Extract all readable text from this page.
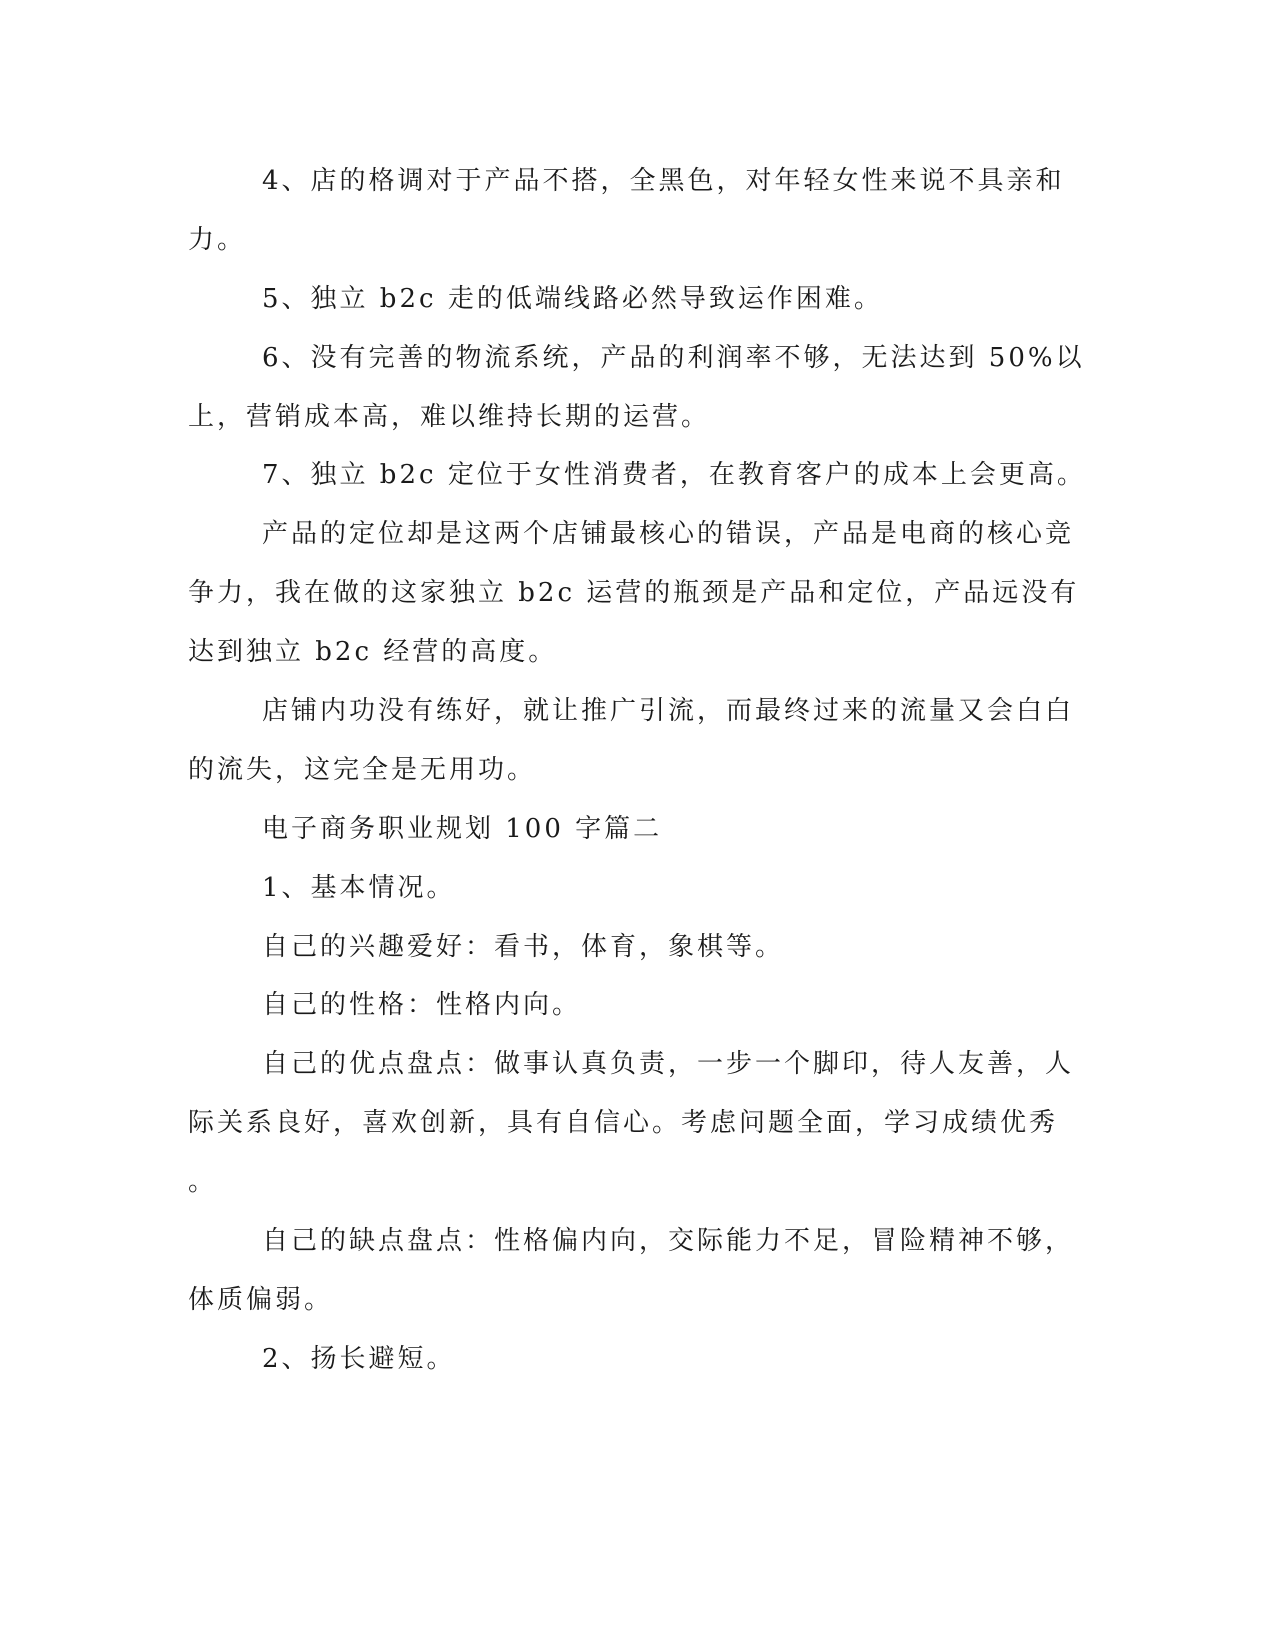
4、店的格调对于产品不搭，全黑色，对年轻女性来说不具亲和
力。
5、独立 b2c 走的低端线路必然导致运作困难。
6、没有完善的物流系统，产品的利润率不够，无法达到 50%以
上，营销成本高，难以维持长期的运营。
7、独立 b2c 定位于女性消费者，在教育客户的成本上会更高。
产品的定位却是这两个店铺最核心的错误，产品是电商的核心竞
争力，我在做的这家独立 b2c 运营的瓶颈是产品和定位，产品远没有
达到独立 b2c 经营的高度。
店铺内功没有练好，就让推广引流，而最终过来的流量又会白白
的流失，这完全是无用功。
电子商务职业规划 100 字篇二
1、基本情况。
自己的兴趣爱好：看书，体育，象棋等。
自己的性格：性格内向。
自己的优点盘点：做事认真负责，一步一个脚印，待人友善，人
际关系良好，喜欢创新，具有自信心。考虑问题全面，学习成绩优秀
。
自己的缺点盘点：性格偏内向，交际能力不足，冒险精神不够，
体质偏弱。
2、扬长避短。
